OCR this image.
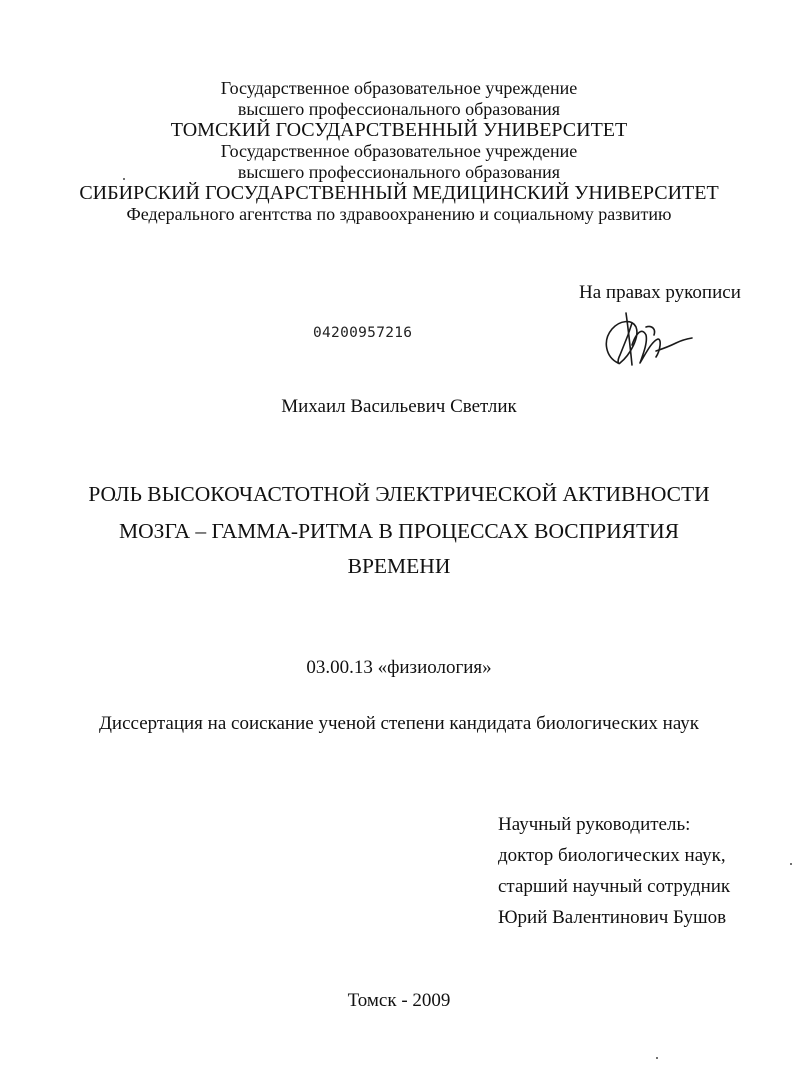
Государственное образовательное учреждение
высшего профессионального образования
ТОМСКИЙ ГОСУДАРСТВЕННЫЙ УНИВЕРСИТЕТ
Государственное образовательное учреждение
высшего профессионального образования
СИБИРСКИЙ ГОСУДАРСТВЕННЫЙ МЕДИЦИНСКИЙ УНИВЕРСИТЕТ
Федерального агентства по здравоохранению и социальному развитию
На правах рукописи
04200957216
Михаил Васильевич Светлик
РОЛЬ ВЫСОКОЧАСТОТНОЙ ЭЛЕКТРИЧЕСКОЙ АКТИВНОСТИ
МОЗГА – ГАММА-РИТМА В ПРОЦЕССАХ ВОСПРИЯТИЯ
ВРЕМЕНИ
03.00.13 «физиология»
Диссертация на соискание ученой степени кандидата биологических наук
Научный руководитель:
доктор биологических наук,
старший научный сотрудник
Юрий Валентинович Бушов
Томск - 2009
